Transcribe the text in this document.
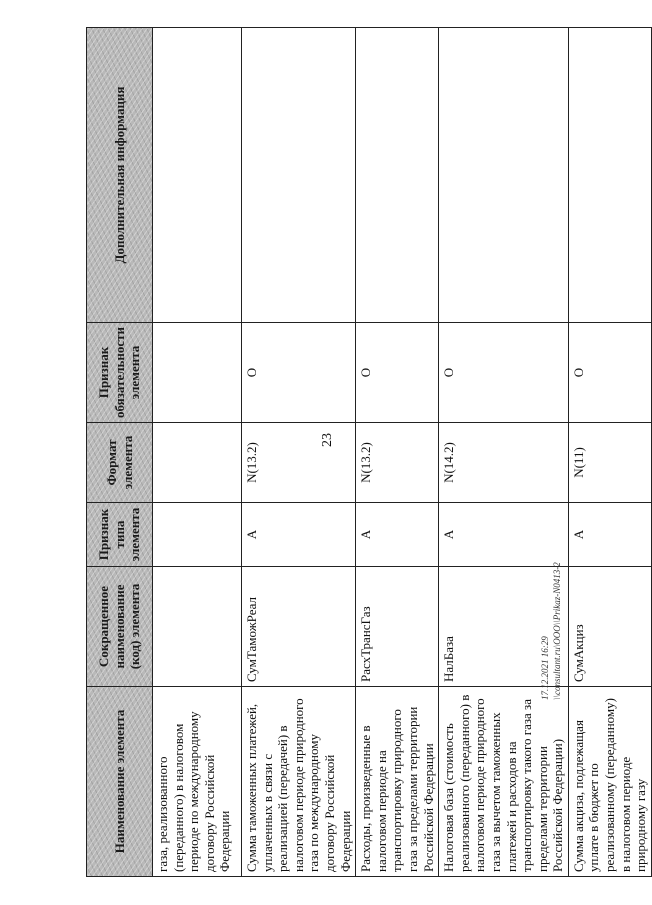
23
Наименование элемента	Сокращенное наименование (код) элемента	Признак типа элемента	Формат элемента	Признак обязательности элемента	Дополнительная информация
газа, реализованного (переданного) в налоговом периоде по международному договору Российской Федерации					
Сумма таможенных платежей, уплаченных в связи с реализацией (передачей) в налоговом периоде природного газа по международному договору Российской Федерации	СумТаможРеал	А	N(13.2)	О	
Расходы, произведенные в налоговом периоде на транспортировку природного газа за пределами территории Российской Федерации	РасхТрансГаз	А	N(13.2)	О	
Налоговая база (стоимость реализованного (переданного) в налоговом периоде природного газа за вычетом таможенных платежей и расходов на транспортировку такого газа за пределами территории Российской Федерации)	НалБаза	А	N(14.2)	О	
Сумма акциза, подлежащая уплате в бюджет по реализованному (переданному) в налоговом периоде природному газу	СумАкциз	А	N(11)	О	
17.12.2021 16:29 \\consultant.ru\OOO\\Prikaz-N0413-2
